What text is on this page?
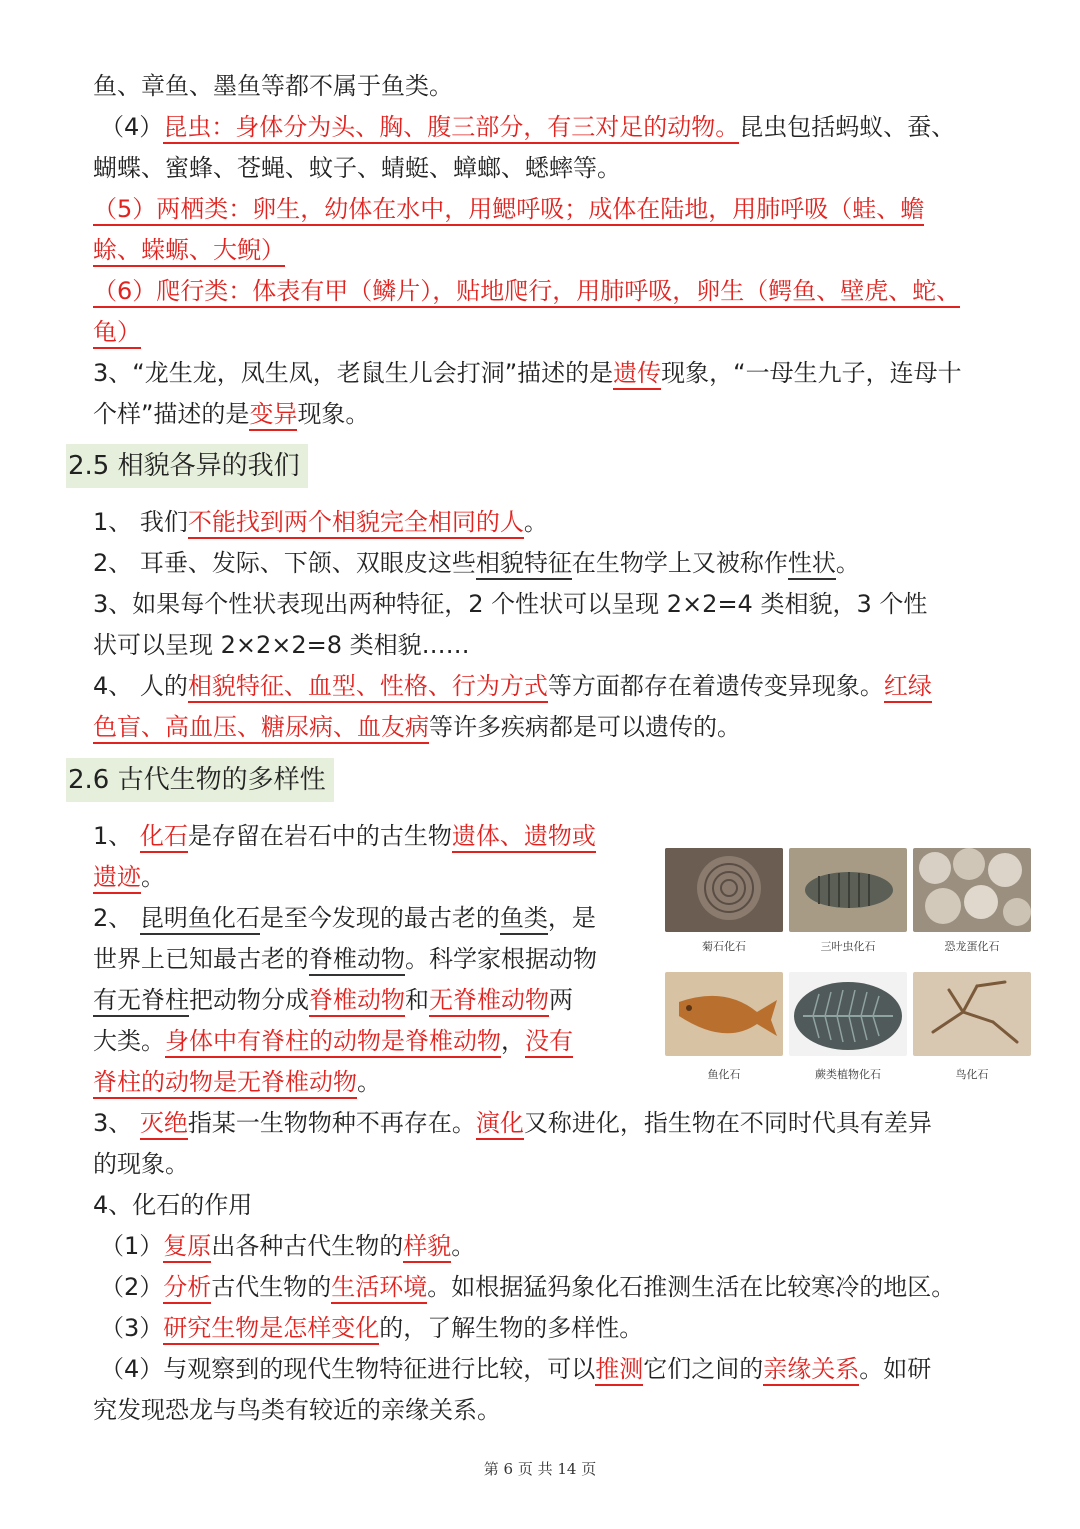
鱼、章鱼、墨鱼等都不属于鱼类。
（4）昆虫：身体分为头、胸、腹三部分，有三对足的动物。昆虫包括蚂蚁、蚕、
蝴蝶、蜜蜂、苍蝇、蚊子、蜻蜓、蟑螂、蟋蟀等。
（5）两栖类：卵生，幼体在水中，用鳃呼吸；成体在陆地，用肺呼吸（蛙、蟾
蜍、蝾螈、大鲵）
（6）爬行类：体表有甲（鳞片），贴地爬行，用肺呼吸，卵生（鳄鱼、壁虎、蛇、
龟）
3、“龙生龙，凤生凤，老鼠生儿会打洞”描述的是遗传现象，“一母生九子，连母十
个样”描述的是变异现象。
2.5 相貌各异的我们
1、 我们不能找到两个相貌完全相同的人。
2、 耳垂、发际、下颌、双眼皮这些相貌特征在生物学上又被称作性状。
3、如果每个性状表现出两种特征，2 个性状可以呈现 2×2=4 类相貌，3 个性
状可以呈现 2×2×2=8 类相貌……
4、 人的相貌特征、血型、性格、行为方式等方面都存在着遗传变异现象。红绿
色盲、高血压、糖尿病、血友病等许多疾病都是可以遗传的。
2.6 古代生物的多样性
1、 化石是存留在岩石中的古生物遗体、遗物或
遗迹。
2、 昆明鱼化石是至今发现的最古老的鱼类，是
世界上已知最古老的脊椎动物。科学家根据动物
有无脊柱把动物分成脊椎动物和无脊椎动物两
大类。身体中有脊柱的动物是脊椎动物，没有
脊柱的动物是无脊椎动物。
3、 灭绝指某一生物物种不再存在。演化又称进化，指生物在不同时代具有差异
的现象。
4、化石的作用
（1）复原出各种古代生物的样貌。
（2）分析古代生物的生活环境。如根据猛犸象化石推测生活在比较寒冷的地区。
（3）研究生物是怎样变化的，了解生物的多样性。
（4）与观察到的现代生物特征进行比较，可以推测它们之间的亲缘关系。如研
究发现恐龙与鸟类有较近的亲缘关系。
菊石化石	三叶虫化石	恐龙蛋化石
鱼化石	蕨类植物化石	鸟化石
第 6 页 共 14 页
